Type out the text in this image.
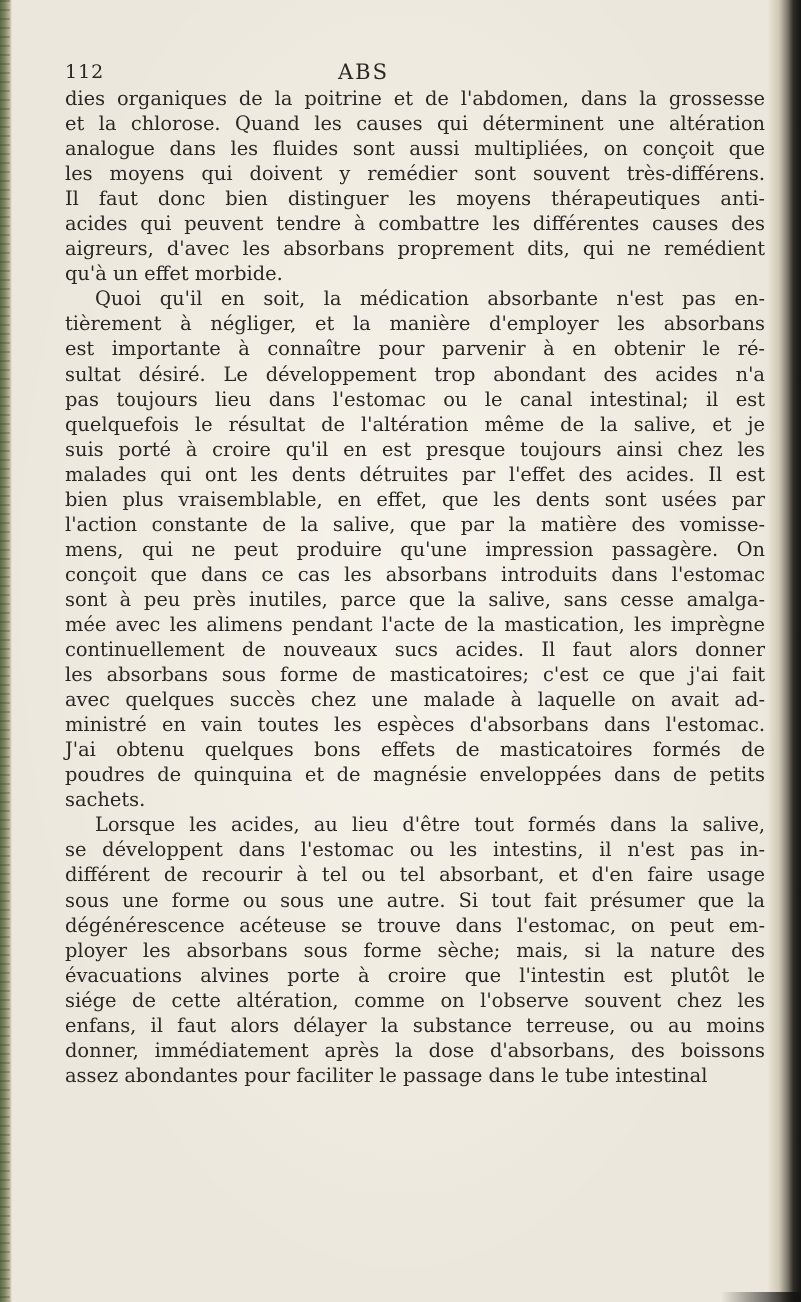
112	ABS
dies organiques de la poitrine et de l'abdomen, dans la grossesse
et la chlorose. Quand les causes qui déterminent une altération
analogue dans les fluides sont aussi multipliées, on conçoit que
les moyens qui doivent y remédier sont souvent très-différens.
Il faut donc bien distinguer les moyens thérapeutiques anti-
acides qui peuvent tendre à combattre les différentes causes des
aigreurs, d'avec les absorbans proprement dits, qui ne remédient
qu'à un effet morbide.
Quoi qu'il en soit, la médication absorbante n'est pas en-
tièrement à négliger, et la manière d'employer les absorbans
est importante à connaître pour parvenir à en obtenir le ré-
sultat désiré. Le développement trop abondant des acides n'a
pas toujours lieu dans l'estomac ou le canal intestinal; il est
quelquefois le résultat de l'altération même de la salive, et je
suis porté à croire qu'il en est presque toujours ainsi chez les
malades qui ont les dents détruites par l'effet des acides. Il est
bien plus vraisemblable, en effet, que les dents sont usées par
l'action constante de la salive, que par la matière des vomisse-
mens, qui ne peut produire qu'une impression passagère. On
conçoit que dans ce cas les absorbans introduits dans l'estomac
sont à peu près inutiles, parce que la salive, sans cesse amalga-
mée avec les alimens pendant l'acte de la mastication, les imprègne
continuellement de nouveaux sucs acides. Il faut alors donner
les absorbans sous forme de masticatoires; c'est ce que j'ai fait
avec quelques succès chez une malade à laquelle on avait ad-
ministré en vain toutes les espèces d'absorbans dans l'estomac.
J'ai obtenu quelques bons effets de masticatoires formés de
poudres de quinquina et de magnésie enveloppées dans de petits
sachets.
Lorsque les acides, au lieu d'être tout formés dans la salive,
se développent dans l'estomac ou les intestins, il n'est pas in-
différent de recourir à tel ou tel absorbant, et d'en faire usage
sous une forme ou sous une autre. Si tout fait présumer que la
dégénérescence acéteuse se trouve dans l'estomac, on peut em-
ployer les absorbans sous forme sèche; mais, si la nature des
évacuations alvines porte à croire que l'intestin est plutôt le
siége de cette altération, comme on l'observe souvent chez les
enfans, il faut alors délayer la substance terreuse, ou au moins
donner, immédiatement après la dose d'absorbans, des boissons
assez abondantes pour faciliter le passage dans le tube intestinal
